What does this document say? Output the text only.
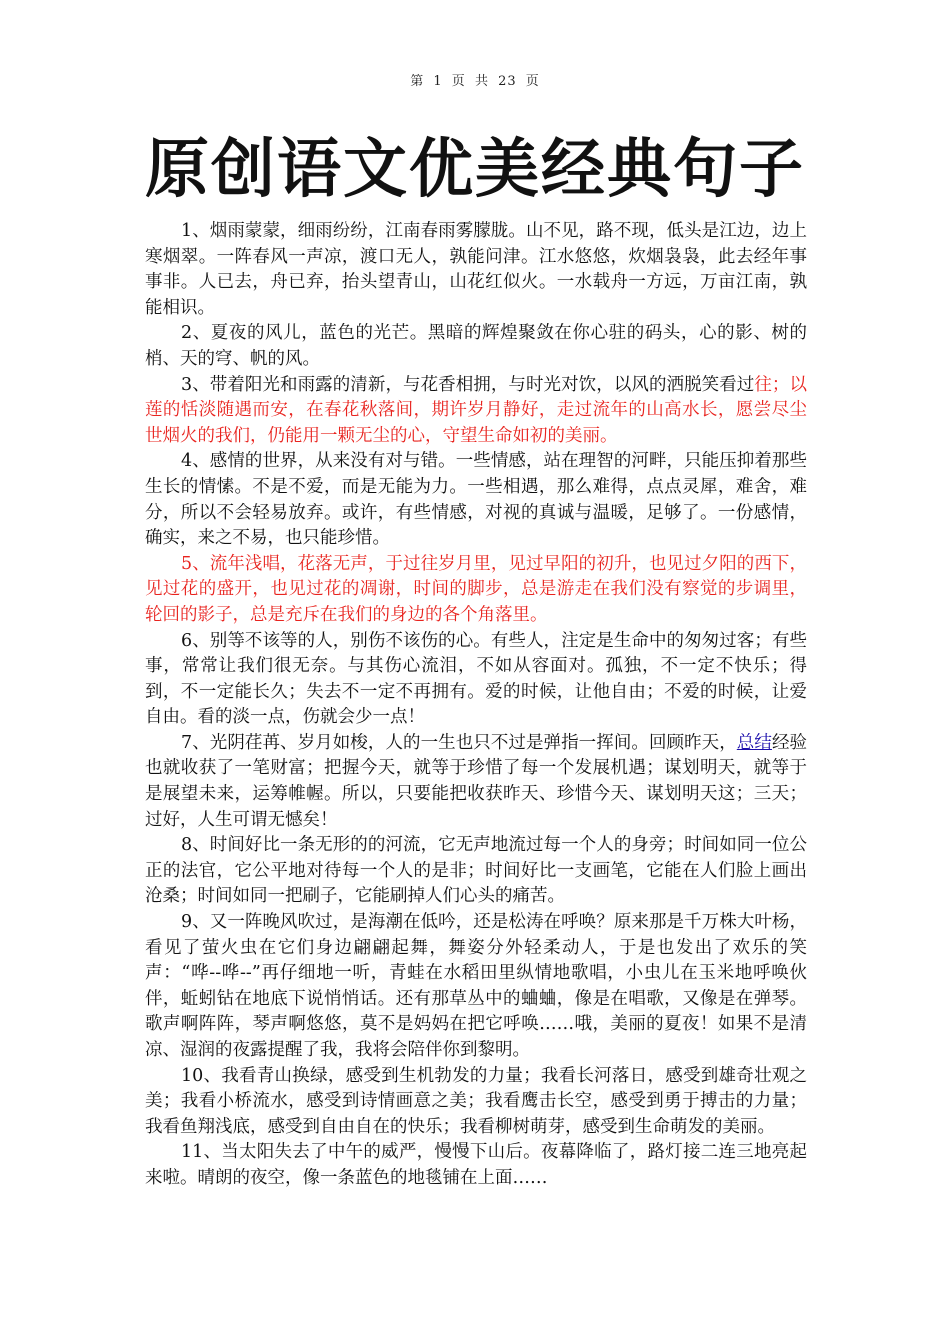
第 1 页 共 23 页
原创语文优美经典句子

1、烟雨蒙蒙，细雨纷纷，江南春雨雾朦胧。山不见，路不现，低头是江边，边上寒烟翠。一阵春风一声凉，渡口无人，孰能问津。江水悠悠，炊烟袅袅，此去经年事事非。人已去，舟已弃，抬头望青山，山花红似火。一水载舟一方远，万亩江南，孰能相识。

2、夏夜的风儿，蓝色的光芒。黑暗的辉煌聚敛在你心驻的码头，心的影、树的梢、天的穹、帆的风。

3、带着阳光和雨露的清新，与花香相拥，与时光对饮，以风的洒脱笑看过往；以莲的恬淡随遇而安，在春花秋落间，期许岁月静好，走过流年的山高水长，愿尝尽尘世烟火的我们，仍能用一颗无尘的心，守望生命如初的美丽。

4、感情的世界，从来没有对与错。一些情感，站在理智的河畔，只能压抑着那些生长的情愫。不是不爱，而是无能为力。一些相遇，那么难得，点点灵犀，难舍，难分，所以不会轻易放弃。或许，有些情感，对视的真诚与温暖，足够了。一份感情，确实，来之不易，也只能珍惜。

5、流年浅唱，花落无声，于过往岁月里，见过早阳的初升，也见过夕阳的西下，见过花的盛开，也见过花的凋谢，时间的脚步，总是游走在我们没有察觉的步调里，轮回的影子，总是充斥在我们的身边的各个角落里。

6、别等不该等的人，别伤不该伤的心。有些人，注定是生命中的匆匆过客；有些事，常常让我们很无奈。与其伤心流泪，不如从容面对。孤独，不一定不快乐；得到，不一定能长久；失去不一定不再拥有。爱的时候，让他自由；不爱的时候，让爱自由。看的淡一点，伤就会少一点！

7、光阴荏苒、岁月如梭，人的一生也只不过是弹指一挥间。回顾昨天，总结经验也就收获了一笔财富；把握今天，就等于珍惜了每一个发展机遇；谋划明天，就等于是展望未来，运筹帷幄。所以，只要能把收获昨天、珍惜今天、谋划明天这；三天；过好，人生可谓无憾矣！

8、时间好比一条无形的的河流，它无声地流过每一个人的身旁；时间如同一位公正的法官，它公平地对待每一个人的是非；时间好比一支画笔，它能在人们脸上画出沧桑；时间如同一把刷子，它能刷掉人们心头的痛苦。

9、又一阵晚风吹过，是海潮在低吟，还是松涛在呼唤？原来那是千万株大叶杨，看见了萤火虫在它们身边翩翩起舞，舞姿分外轻柔动人，于是也发出了欢乐的笑声：“哗--哗--”再仔细地一听，青蛙在水稻田里纵情地歌唱，小虫儿在玉米地呼唤伙伴，蚯蚓钻在地底下说悄悄话。还有那草丛中的蛐蛐，像是在唱歌，又像是在弹琴。歌声啊阵阵，琴声啊悠悠，莫不是妈妈在把它呼唤……哦，美丽的夏夜！如果不是清凉、湿润的夜露提醒了我，我将会陪伴你到黎明。

10、我看青山换绿，感受到生机勃发的力量；我看长河落日，感受到雄奇壮观之美；我看小桥流水，感受到诗情画意之美；我看鹰击长空，感受到勇于搏击的力量；我看鱼翔浅底，感受到自由自在的快乐；我看柳树萌芽，感受到生命萌发的美丽。

11、当太阳失去了中午的威严，慢慢下山后。夜幕降临了，路灯接二连三地亮起来啦。晴朗的夜空，像一条蓝色的地毯铺在上面……
